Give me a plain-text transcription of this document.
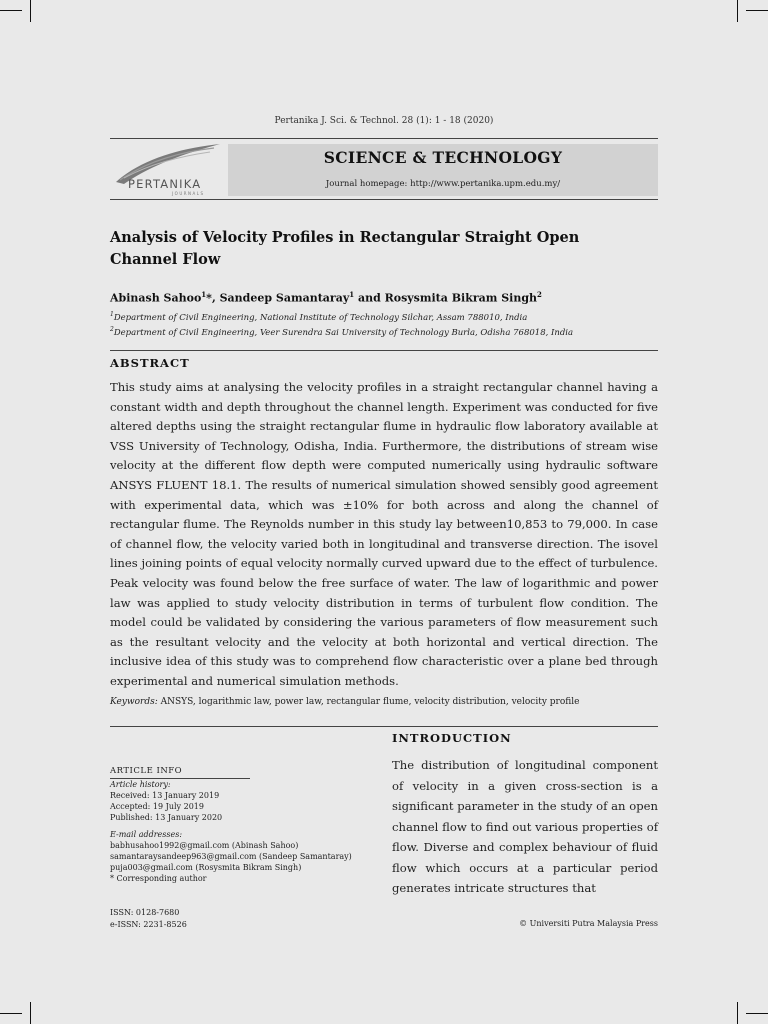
Pertanika J. Sci. & Technol. 28 (1): 1 - 18 (2020)
PERTANIKA
JOURNALS
SCIENCE & TECHNOLOGY
Journal homepage: http://www.pertanika.upm.edu.my/
Analysis of Velocity Profiles in Rectangular Straight Open
Channel Flow
Abinash Sahoo$^1$*, Sandeep Samantaray$^1$ and Rosysmita Bikram Singh$^2$
$^1$Department of Civil Engineering, National Institute of Technology Silchar, Assam 788010, India
$^2$Department of Civil Engineering, Veer Surendra Sai University of Technology Burla, Odisha 768018, India
ABSTRACT
This study aims at analysing the velocity profiles in a straight rectangular channel having a constant width and depth throughout the channel length. Experiment was conducted for five altered depths using the straight rectangular flume in hydraulic flow laboratory available at VSS University of Technology, Odisha, India. Furthermore, the distributions of stream wise velocity at the different flow depth were computed numerically using hydraulic software ANSYS FLUENT 18.1. The results of numerical simulation showed sensibly good agreement with experimental data, which was ±10% for both across and along the channel of rectangular flume. The Reynolds number in this study lay between10,853 to 79,000. In case of channel flow, the velocity varied both in longitudinal and transverse direction. The isovel lines joining points of equal velocity normally curved upward due to the effect of turbulence. Peak velocity was found below the free surface of water. The law of logarithmic and power law was applied to study velocity distribution in terms of turbulent flow condition. The model could be validated by considering the various parameters of flow measurement such as the resultant velocity and the velocity at both horizontal and vertical direction. The inclusive idea of this study was to comprehend flow characteristic over a plane bed through experimental and numerical simulation methods.
Keywords: ANSYS, logarithmic law, power law, rectangular flume, velocity distribution, velocity profile
ARTICLE INFO
Article history:
Received: 13 January 2019
Accepted: 19 July 2019
Published: 13 January 2020
E-mail addresses:
babhusahoo1992@gmail.com (Abinash Sahoo)
samantaraysandeep963@gmail.com (Sandeep Samantaray)
puja003@gmail.com (Rosysmita Bikram Singh)
* Corresponding author
INTRODUCTION
The distribution of longitudinal component of velocity in a given cross-section is a significant parameter in the study of an open channel flow to find out various properties of flow. Diverse and complex behaviour of fluid flow which occurs at a particular period generates intricate structures that
ISSN: 0128-7680
e-ISSN: 2231-8526	© Universiti Putra Malaysia Press
